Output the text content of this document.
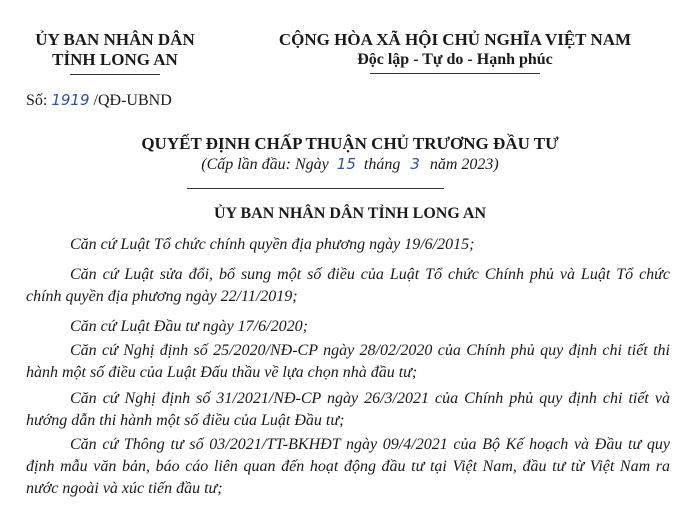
ỦY BAN NHÂN DÂN
TỈNH LONG AN
CỘNG HÒA XÃ HỘI CHỦ NGHĨA VIỆT NAM
Độc lập - Tự do - Hạnh phúc
Số: 1919 /QĐ-UBND
QUYẾT ĐỊNH CHẤP THUẬN CHỦ TRƯƠNG ĐẦU TƯ
(Cấp lần đầu: Ngày 15 tháng 3 năm 2023)
ỦY BAN NHÂN DÂN TỈNH LONG AN
Căn cứ Luật Tổ chức chính quyền địa phương ngày 19/6/2015;
Căn cứ Luật sửa đổi, bổ sung một số điều của Luật Tổ chức Chính phủ và Luật Tổ chức chính quyền địa phương ngày 22/11/2019;
Căn cứ Luật Đầu tư ngày 17/6/2020;
Căn cứ Nghị định số 25/2020/NĐ-CP ngày 28/02/2020 của Chính phủ quy định chi tiết thi hành một số điều của Luật Đấu thầu về lựa chọn nhà đầu tư;
Căn cứ Nghị định số 31/2021/NĐ-CP ngày 26/3/2021 của Chính phủ quy định chi tiết và hướng dẫn thi hành một số điều của Luật Đầu tư;
Căn cứ Thông tư số 03/2021/TT-BKHĐT ngày 09/4/2021 của Bộ Kế hoạch và Đầu tư quy định mẫu văn bản, báo cáo liên quan đến hoạt động đầu tư tại Việt Nam, đầu tư từ Việt Nam ra nước ngoài và xúc tiến đầu tư;
